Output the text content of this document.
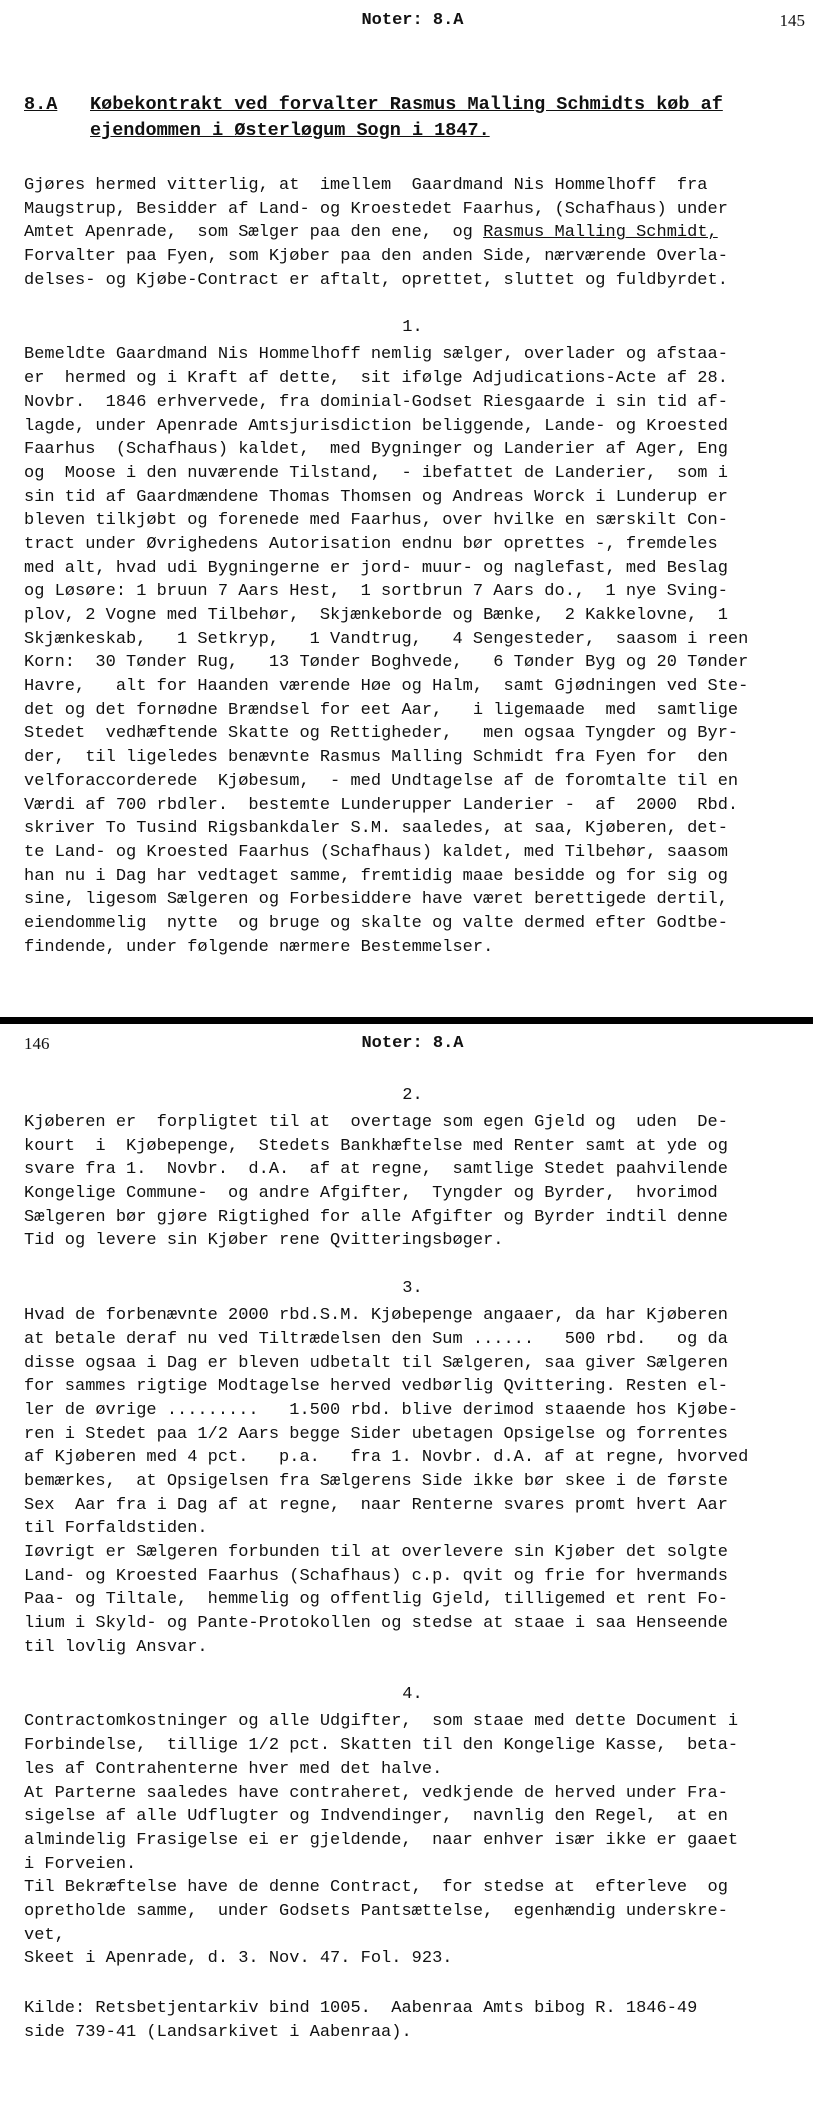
Noter: 8.A	145
8.A Købekontrakt ved forvalter Rasmus Malling Schmidts køb af
ejendommen i Østerløgum Sogn i 1847.
Gjøres hermed vitterlig, at  imellem  Gaardmand Nis Hommelhoff  fra
Maugstrup, Besidder af Land- og Kroestedet Faarhus, (Schafhaus) under
Amtet Apenrade,  som Sælger paa den ene,  og Rasmus Malling Schmidt,
Forvalter paa Fyen, som Kjøber paa den anden Side, nærværende Overla-
delses- og Kjøbe-Contract er aftalt, oprettet, sluttet og fuldbyrdet.
1.
Bemeldte Gaardmand Nis Hommelhoff nemlig sælger, overlader og afstaa-
er  hermed og i Kraft af dette,  sit ifølge Adjudications-Acte af 28.
Novbr.  1846 erhvervede, fra dominial-Godset Riesgaarde i sin tid af-
lagde, under Apenrade Amtsjurisdiction beliggende, Lande- og Kroested
Faarhus  (Schafhaus) kaldet,  med Bygninger og Landerier af Ager, Eng
og  Moose i den nuværende Tilstand,  - ibefattet de Landerier,  som i
sin tid af Gaardmændene Thomas Thomsen og Andreas Worck i Lunderup er
bleven tilkjøbt og forenede med Faarhus, over hvilke en særskilt Con-
tract under Øvrighedens Autorisation endnu bør oprettes -, fremdeles
med alt, hvad udi Bygningerne er jord- muur- og naglefast, med Beslag
og Løsøre: 1 bruun 7 Aars Hest,  1 sortbrun 7 Aars do.,  1 nye Sving-
plov, 2 Vogne med Tilbehør,  Skjænkeborde og Bænke,  2 Kakkelovne,  1
Skjænkeskab,   1 Setkryp,   1 Vandtrug,   4 Sengesteder,  saasom i reen
Korn:  30 Tønder Rug,   13 Tønder Boghvede,   6 Tønder Byg og 20 Tønder
Havre,   alt for Haanden værende Høe og Halm,  samt Gjødningen ved Ste-
det og det fornødne Brændsel for eet Aar,   i ligemaade  med  samtlige
Stedet  vedhæftende Skatte og Rettigheder,   men ogsaa Tyngder og Byr-
der,  til ligeledes benævnte Rasmus Malling Schmidt fra Fyen for  den
velforaccorderede  Kjøbesum,  - med Undtagelse af de foromtalte til en
Værdi af 700 rbdler.  bestemte Lunderupper Landerier -  af  2000  Rbd.
skriver To Tusind Rigsbankdaler S.M. saaledes, at saa, Kjøberen, det-
te Land- og Kroested Faarhus (Schafhaus) kaldet, med Tilbehør, saasom
han nu i Dag har vedtaget samme, fremtidig maae besidde og for sig og
sine, ligesom Sælgeren og Forbesiddere have været berettigede dertil,
eiendommelig  nytte  og bruge og skalte og valte dermed efter Godtbe-
findende, under følgende nærmere Bestemmelser.
146	Noter: 8.A
2.
Kjøberen er  forpligtet til at  overtage som egen Gjeld og  uden  De-
kourt  i  Kjøbepenge,  Stedets Bankhæftelse med Renter samt at yde og
svare fra 1.  Novbr.  d.A.  af at regne,  samtlige Stedet paahvilende
Kongelige Commune-  og andre Afgifter,  Tyngder og Byrder,  hvorimod
Sælgeren bør gjøre Rigtighed for alle Afgifter og Byrder indtil denne
Tid og levere sin Kjøber rene Qvitteringsbøger.
3.
Hvad de forbenævnte 2000 rbd.S.M. Kjøbepenge angaaer, da har Kjøberen
at betale deraf nu ved Tiltrædelsen den Sum ......   500 rbd.   og da
disse ogsaa i Dag er bleven udbetalt til Sælgeren, saa giver Sælgeren
for sammes rigtige Modtagelse herved vedbørlig Qvittering. Resten el-
ler de øvrige .........   1.500 rbd. blive derimod staaende hos Kjøbe-
ren i Stedet paa 1/2 Aars begge Sider ubetagen Opsigelse og forrentes
af Kjøberen med 4 pct.   p.a.   fra 1. Novbr. d.A. af at regne, hvorved
bemærkes,  at Opsigelsen fra Sælgerens Side ikke bør skee i de første
Sex  Aar fra i Dag af at regne,  naar Renterne svares promt hvert Aar
til Forfaldstiden.
Iøvrigt er Sælgeren forbunden til at overlevere sin Kjøber det solgte
Land- og Kroested Faarhus (Schafhaus) c.p. qvit og frie for hvermands
Paa- og Tiltale,  hemmelig og offentlig Gjeld, tilligemed et rent Fo-
lium i Skyld- og Pante-Protokollen og stedse at staae i saa Henseende
til lovlig Ansvar.
4.
Contractomkostninger og alle Udgifter,  som staae med dette Document i
Forbindelse,  tillige 1/2 pct. Skatten til den Kongelige Kasse,  beta-
les af Contrahenterne hver med det halve.
At Parterne saaledes have contraheret, vedkjende de herved under Fra-
sigelse af alle Udflugter og Indvendinger,  navnlig den Regel,  at en
almindelig Frasigelse ei er gjeldende,  naar enhver især ikke er gaaet
i Forveien.
Til Bekræftelse have de denne Contract,  for stedse at  efterleve  og
opretholde samme,  under Godsets Pantsættelse,  egenhændig underskre-
vet,
Skeet i Apenrade, d. 3. Nov. 47. Fol. 923.
Kilde: Retsbetjentarkiv bind 1005.  Aabenraa Amts bibog R. 1846-49
side 739-41 (Landsarkivet i Aabenraa).
